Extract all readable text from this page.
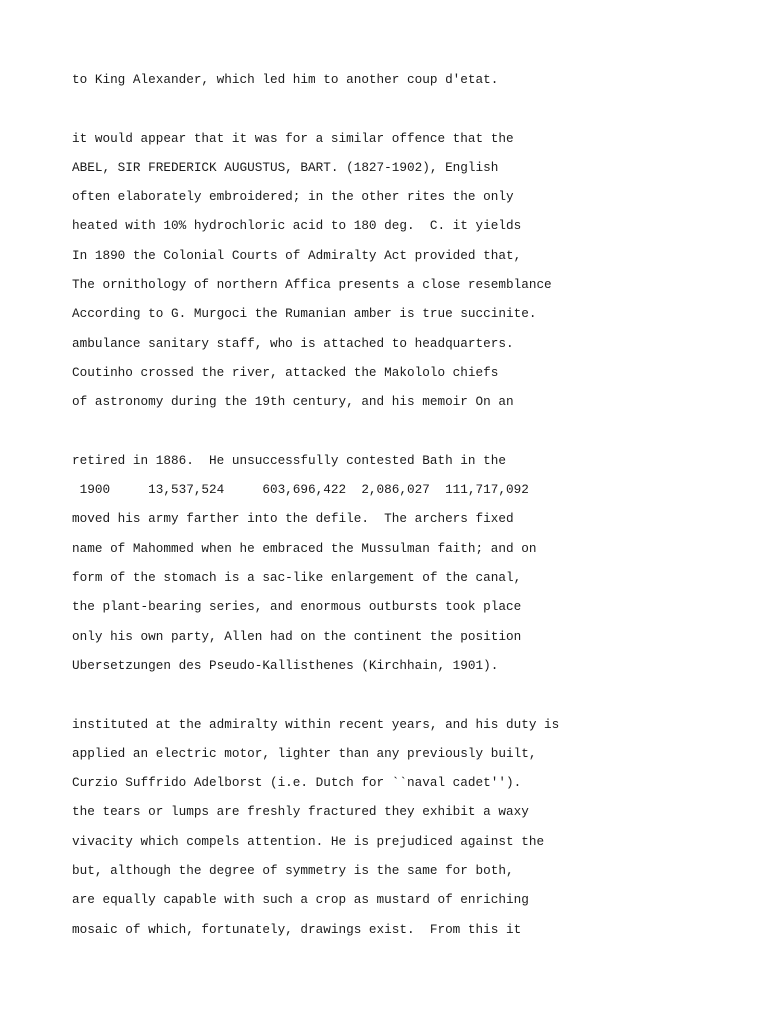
to King Alexander, which led him to another coup d'etat.
it would appear that it was for a similar offence that the
ABEL, SIR FREDERICK AUGUSTUS, BART. (1827-1902), English
often elaborately embroidered; in the other rites the only
heated with 10% hydrochloric acid to 180 deg.  C. it yields
In 1890 the Colonial Courts of Admiralty Act provided that,
The ornithology of northern Affica presents a close resemblance
According to G. Murgoci the Rumanian amber is true succinite.
ambulance sanitary staff, who is attached to headquarters.
Coutinho crossed the river, attacked the Makololo chiefs
of astronomy during the 19th century, and his memoir On an
retired in 1886.  He unsuccessfully contested Bath in the
1900     13,537,524     603,696,422  2,086,027  111,717,092
moved his army farther into the defile.  The archers fixed
name of Mahommed when he embraced the Mussulman faith; and on
form of the stomach is a sac-like enlargement of the canal,
the plant-bearing series, and enormous outbursts took place
only his own party, Allen had on the continent the position
Ubersetzungen des Pseudo-Kallisthenes (Kirchhain, 1901).
instituted at the admiralty within recent years, and his duty is
applied an electric motor, lighter than any previously built,
Curzio Suffrido Adelborst (i.e. Dutch for ``naval cadet'').
the tears or lumps are freshly fractured they exhibit a waxy
vivacity which compels attention. He is prejudiced against the
but, although the degree of symmetry is the same for both,
are equally capable with such a crop as mustard of enriching
mosaic of which, fortunately, drawings exist.  From this it
